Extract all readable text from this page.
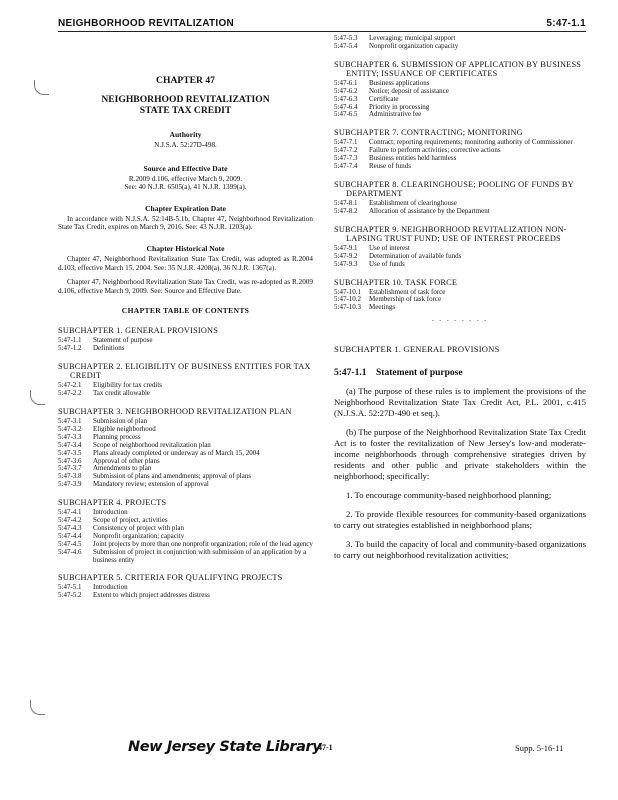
NEIGHBORHOOD REVITALIZATION	5:47-1.1
CHAPTER 47
NEIGHBORHOOD REVITALIZATION
STATE TAX CREDIT
Authority
N.J.S.A. 52:27D-498.
Source and Effective Date
R.2009 d.106, effective March 9, 2009.
See: 40 N.J.R. 6505(a), 41 N.J.R. 1399(a).
Chapter Expiration Date
In accordance with N.J.S.A. 52:14B-5.1b, Chapter 47, Neighborhood Revitalization State Tax Credit, expires on March 9, 2016. See: 43 N.J.R. 1203(a).
Chapter Historical Note
Chapter 47, Neighborhood Revitalization State Tax Credit, was adopted as R.2004 d.103, effective March 15, 2004. See: 35 N.J.R. 4208(a), 36 N.J.R. 1367(a).
Chapter 47, Neighborhood Revitalization State Tax Credit, was re-adopted as R.2009 d.106, effective March 9, 2009. See: Source and Effective Date.
CHAPTER TABLE OF CONTENTS
SUBCHAPTER 1. GENERAL PROVISIONS
5:47-1.1	Statement of purpose
5:47-1.2	Definitions
SUBCHAPTER 2. ELIGIBILITY OF BUSINESS ENTITIES FOR TAX CREDIT
5:47-2.1	Eligibility for tax credits
5:47-2.2	Tax credit allowable
SUBCHAPTER 3. NEIGHBORHOOD REVITALIZATION PLAN
5:47-3.1	Submission of plan
5:47-3.2	Eligible neighborhood
5:47-3.3	Planning process
5:47-3.4	Scope of neighborhood revitalization plan
5:47-3.5	Plans already completed or underway as of March 15, 2004
5:47-3.6	Approval of other plans
5:47-3.7	Amendments to plan
5:47-3.8	Submission of plans and amendments; approval of plans
5:47-3.9	Mandatory review; extension of approval
SUBCHAPTER 4. PROJECTS
5:47-4.1	Introduction
5:47-4.2	Scope of project, activities
5:47-4.3	Consistency of project with plan
5:47-4.4	Nonprofit organization; capacity
5:47-4.5	Joint projects by more than one nonprofit organization; role of the lead agency
5:47-4.6	Submission of project in conjunction with submission of an application by a business entity
SUBCHAPTER 5. CRITERIA FOR QUALIFYING PROJECTS
5:47-5.1	Introduction
5:47-5.2	Extent to which project addresses distress
5:47-5.3	Leveraging; municipal support
5:47-5.4	Nonprofit organization capacity
SUBCHAPTER 6. SUBMISSION OF APPLICATION BY BUSINESS ENTITY; ISSUANCE OF CERTIFICATES
5:47-6.1	Business applications
5:47-6.2	Notice; deposit of assistance
5:47-6.3	Certificate
5:47-6.4	Priority in processing
5:47-6.5	Administrative fee
SUBCHAPTER 7. CONTRACTING; MONITORING
5:47-7.1	Contract; reporting requirements; monitoring authority of Commissioner
5:47-7.2	Failure to perform activities; corrective actions
5:47-7.3	Business entities held harmless
5:47-7.4	Reuse of funds
SUBCHAPTER 8. CLEARINGHOUSE; POOLING OF FUNDS BY DEPARTMENT
5:47-8.1	Establishment of clearinghouse
5:47-8.2	Allocation of assistance by the Department
SUBCHAPTER 9. NEIGHBORHOOD REVITALIZATION NON-LAPSING TRUST FUND; USE OF INTEREST PROCEEDS
5:47-9.1	Use of interest
5:47-9.2	Determination of available funds
5:47-9.3	Use of funds
SUBCHAPTER 10. TASK FORCE
5:47-10.1	Establishment of task force
5:47-10.2	Membership of task force
5:47-10.3	Meetings
- - - - - - - -
SUBCHAPTER 1. GENERAL PROVISIONS
5:47-1.1	Statement of purpose
(a) The purpose of these rules is to implement the provisions of the Neighborhood Revitalization State Tax Credit Act, P.L. 2001, c.415 (N.J.S.A. 52:27D-490 et seq.).
(b) The purpose of the Neighborhood Revitalization State Tax Credit Act is to foster the revitalization of New Jersey's low-and moderate-income neighborhoods through comprehensive strategies driven by residents and other public and private stakeholders within the neighborhood; specifically:
1. To encourage community-based neighborhood planning;
2. To provide flexible resources for community-based organizations to carry out strategies established in neighborhood plans;
3. To build the capacity of local and community-based organizations to carry out neighborhood revitalization activities;
New Jersey State Library
47-1	Supp. 5-16-11
